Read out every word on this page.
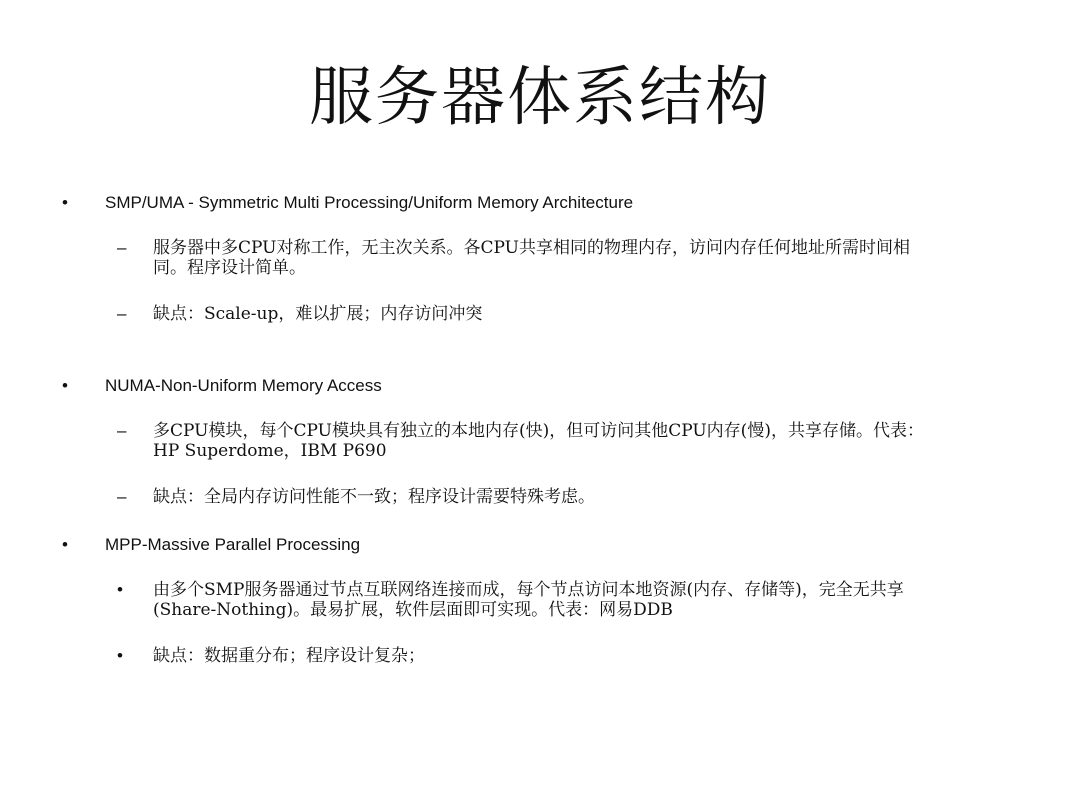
服务器体系结构
• SMP/UMA - Symmetric Multi Processing/Uniform Memory Architecture
– 服务器中多CPU对称工作，无主次关系。各CPU共享相同的物理内存，访问内存任何地址所需时间相
同。程序设计简单。
– 缺点：Scale-up，难以扩展；内存访问冲突
• NUMA-Non-Uniform Memory Access
– 多CPU模块，每个CPU模块具有独立的本地内存(快)，但可访问其他CPU内存(慢)，共享存储。代表：
HP Superdome，IBM P690
– 缺点：全局内存访问性能不一致；程序设计需要特殊考虑。
• MPP-Massive Parallel Processing
• 由多个SMP服务器通过节点互联网络连接而成，每个节点访问本地资源(内存、存储等)，完全无共享
(Share-Nothing)。最易扩展，软件层面即可实现。代表：网易DDB
• 缺点：数据重分布；程序设计复杂；
